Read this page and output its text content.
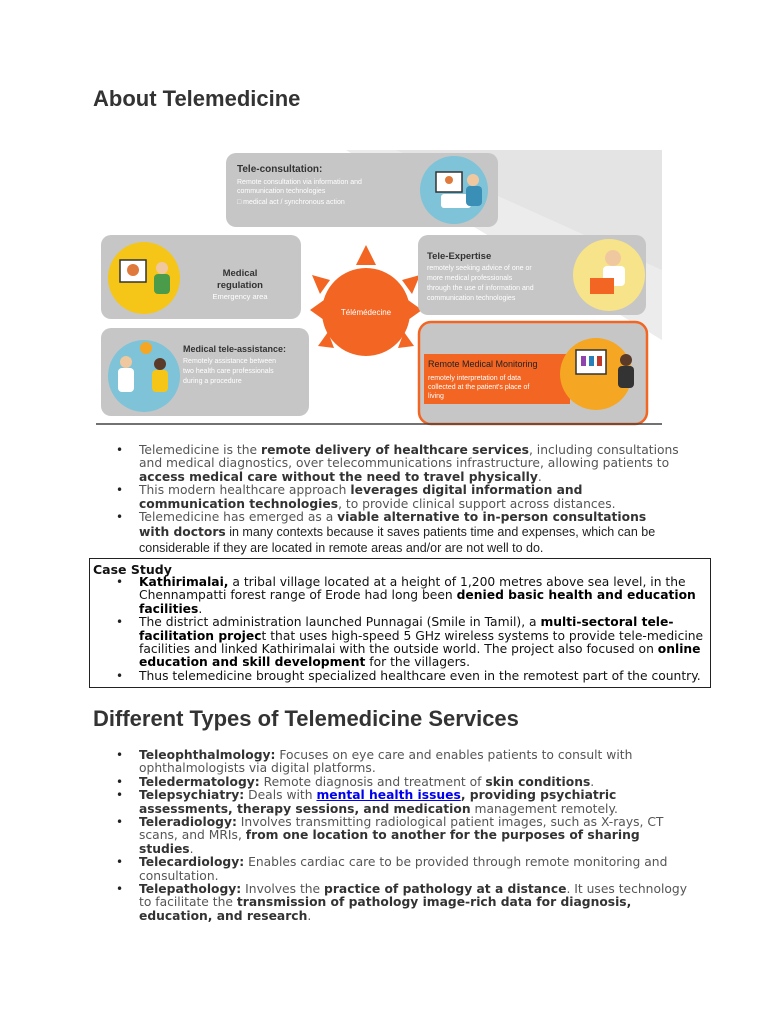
About Telemedicine
Tele-consultation:
Remote consultation via information and
communication technologies
□ medical act / synchronous action
Medical
regulation
Emergency area
Télémédecine
Tele-Expertise
remotely seeking advice of one or
more medical professionals
through the use of information and
communication technologies
Medical tele-assistance:
Remotely assistance between
two health care professionals
during a procedure
Remote Medical Monitoring
remotely interpretation of data
collected at the patient's place of
living
• Telemedicine is the remote delivery of healthcare services, including consultations and medical diagnostics, over telecommunications infrastructure, allowing patients to access medical care without the need to travel physically.
• This modern healthcare approach leverages digital information and communication technologies, to provide clinical support across distances.
• Telemedicine has emerged as a viable alternative to in-person consultations with doctors in many contexts because it saves patients time and expenses, which can be considerable if they are located in remote areas and/or are not well to do.
Case Study
• Kathirimalai, a tribal village located at a height of 1,200 metres above sea level, in the Chennampatti forest range of Erode had long been denied basic health and education facilities.
• The district administration launched Punnagai (Smile in Tamil), a multi-sectoral tele-facilitation project that uses high-speed 5 GHz wireless systems to provide tele-medicine facilities and linked Kathirimalai with the outside world. The project also focused on online education and skill development for the villagers.
• Thus telemedicine brought specialized healthcare even in the remotest part of the country.
Different Types of Telemedicine Services
• Teleophthalmology: Focuses on eye care and enables patients to consult with ophthalmologists via digital platforms.
• Teledermatology: Remote diagnosis and treatment of skin conditions.
• Telepsychiatry: Deals with mental health issues, providing psychiatric assessments, therapy sessions, and medication management remotely.
• Teleradiology: Involves transmitting radiological patient images, such as X-rays, CT scans, and MRIs, from one location to another for the purposes of sharing studies.
• Telecardiology: Enables cardiac care to be provided through remote monitoring and consultation.
• Telepathology: Involves the practice of pathology at a distance. It uses technology to facilitate the transmission of pathology image-rich data for diagnosis, education, and research.
